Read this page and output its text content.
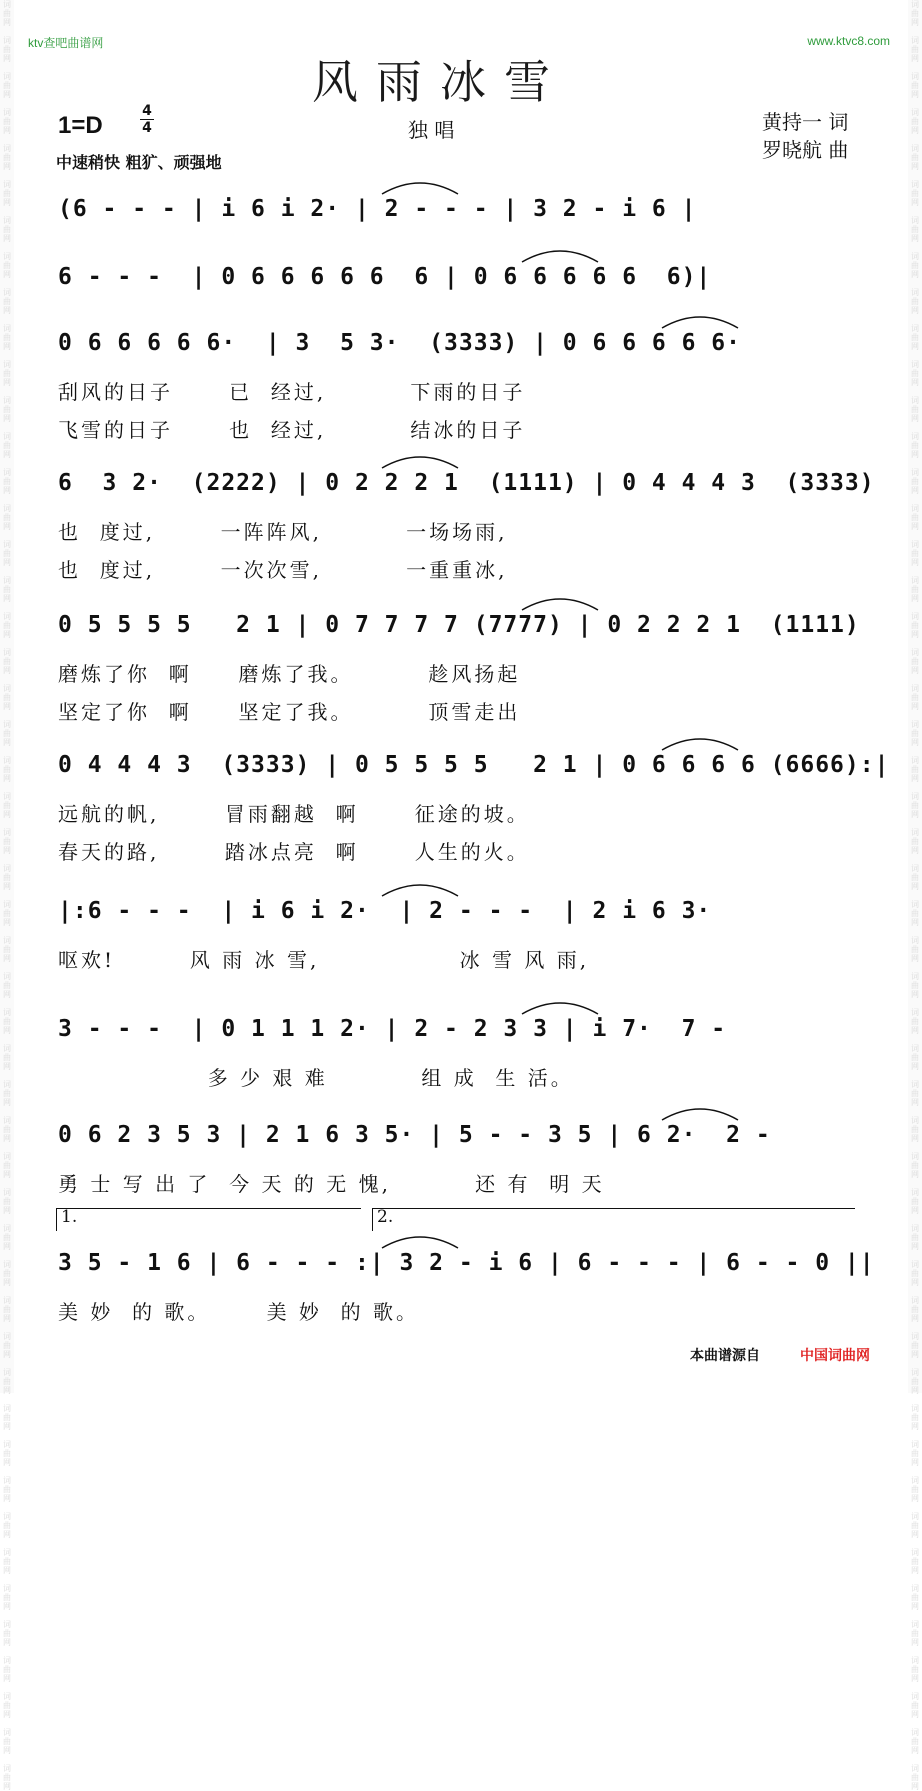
词
曲
网

词
曲
网

词
曲
网

词
曲
网

词
曲
网

词
曲
网

词
曲
网

词
曲
网

词
曲
网

词
曲
网

词
曲
网

词
曲
网

词
曲
网

词
曲
网

词
曲
网

词
曲
网

词
曲
网

词
曲
网

词
曲
网

词
曲
网

词
曲
网

词
曲
网

词
曲
网

词
曲
网

词
曲
网

词
曲
网

词
曲
网

词
曲
网

词
曲
网

词
曲
网

词
曲
网

词
曲
网

词
曲
网

词
曲
网

词
曲
网

词
曲
网

词
曲
网

词
曲
网

词
曲
网

词
曲
网

词
曲
网

词
曲
网

词
曲
网

词
曲
网

词
曲
网

词
曲
网

词
曲
网

词
曲
网

词
曲
网

词
曲
网

词
曲
网

词
曲
网

词
曲
网

词
曲
网

词
曲
网

词
曲
网

词
曲
网

词
曲
网

词
曲
网

词
曲
网

词
曲
网

词
曲
网

词
曲
网

词
曲
网

词
曲
网

词
曲
网

词
曲
网

词
曲
网

词
曲
网

词
曲
网

词
曲
网

词
曲
网

词
曲
网

词
曲
网

词
曲
网

词
曲
网

词
曲
网

词
曲
网

词
曲
网

词
曲
网

词
曲
网

词
曲
网

词
曲
网

词
曲
网

词
曲
网

词
曲
网

词
曲
网

词
曲
网

词
曲
网

词
曲
网

词
曲
网

词
曲
网

词
曲
网

词
曲
网

词
曲
网

词
曲
网

词
曲
网

词
曲
网

词
曲
网

词
曲
网

ktv查吧曲谱网	www.ktvc8.com
风雨冰雪
1=D
4
4	独 唱	黄持一 词
罗晓航 曲
中速稍快 粗犷、顽强地
(6 - - - | i 6 i 2· | 2 - - - | 3 2 - i 6 |
6 - - -  | 0 6 6 6 6 6  6 | 0 6 6 6 6 6  6)|
0 6 6 6 6 6·  | 3  5 3·  (3333) | 0 6 6 6 6 6·
刮风的日子      已  经过,         下雨的日子
飞雪的日子      也  经过,         结冰的日子
6  3 2·  (2222) | 0 2 2 2 1  (1111) | 0 4 4 4 3  (3333)
也  度过,       一阵阵风,         一场场雨,
也  度过,       一次次雪,         一重重冰,
0 5 5 5 5   2 1 | 0 7 7 7 7 (7777) | 0 2 2 2 1  (1111)
磨炼了你  啊     磨炼了我。        趁风扬起
坚定了你  啊     坚定了我。        顶雪走出
0 4 4 4 3  (3333) | 0 5 5 5 5   2 1 | 0 6 6 6 6 (6666):|
远航的帆,       冒雨翻越  啊      征途的坡。
春天的路,       踏冰点亮  啊      人生的火。
|:6 - - -  | i 6 i 2·  | 2 - - -  | 2 i 6 3·
呕欢!        风 雨 冰 雪,               冰 雪 风 雨,
3 - - -  | 0 1 1 1 2· | 2 - 2 3 3 | i 7·  7 -
多 少 艰 难          组 成  生 活。
0 6 2 3 5 3 | 2 1 6 3 5· | 5 - - 3 5 | 6 2·  2 -
勇 士 写 出 了  今 天 的 无 愧,         还 有  明 天
3 5 - 1 6 | 6 - - - :| 3 2 - i 6 | 6 - - - | 6 - - 0 ||
美 妙  的 歌。      美 妙  的 歌。
1.	2.
本曲谱源自	中国词曲网
